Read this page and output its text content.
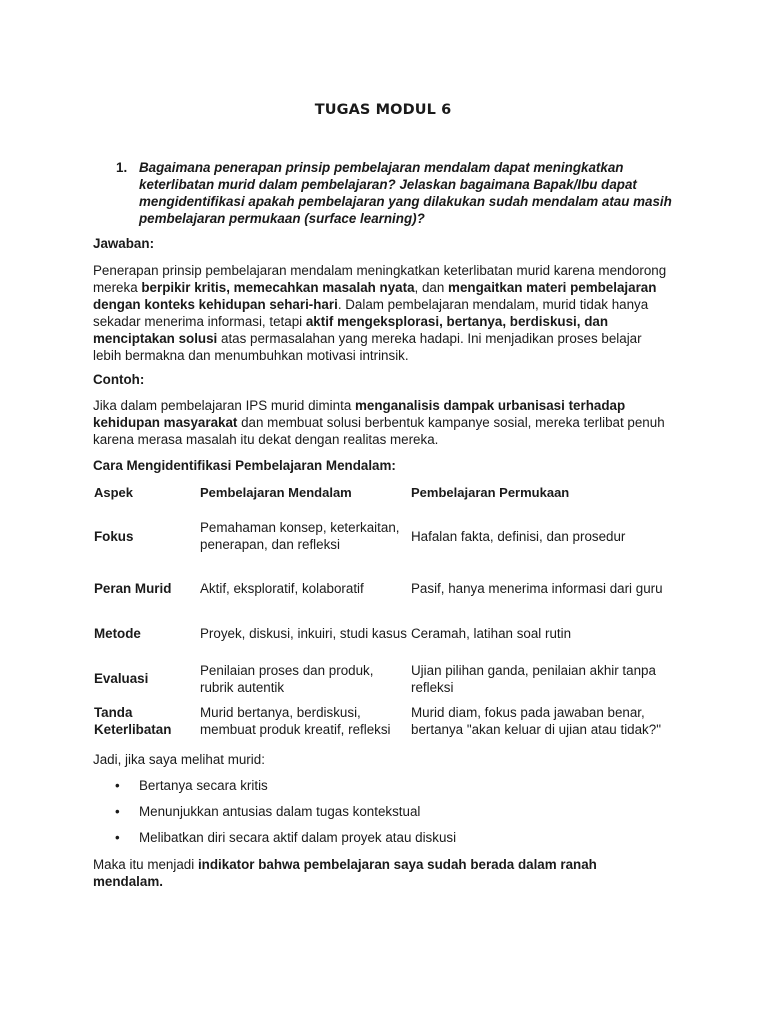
TUGAS MODUL 6
1. Bagaimana penerapan prinsip pembelajaran mendalam dapat meningkatkan keterlibatan murid dalam pembelajaran? Jelaskan bagaimana Bapak/Ibu dapat mengidentifikasi apakah pembelajaran yang dilakukan sudah mendalam atau masih pembelajaran permukaan (surface learning)?
Jawaban:
Penerapan prinsip pembelajaran mendalam meningkatkan keterlibatan murid karena mendorong mereka berpikir kritis, memecahkan masalah nyata, dan mengaitkan materi pembelajaran dengan konteks kehidupan sehari-hari. Dalam pembelajaran mendalam, murid tidak hanya sekadar menerima informasi, tetapi aktif mengeksplorasi, bertanya, berdiskusi, dan menciptakan solusi atas permasalahan yang mereka hadapi. Ini menjadikan proses belajar lebih bermakna dan menumbuhkan motivasi intrinsik.
Contoh:
Jika dalam pembelajaran IPS murid diminta menganalisis dampak urbanisasi terhadap kehidupan masyarakat dan membuat solusi berbentuk kampanye sosial, mereka terlibat penuh karena merasa masalah itu dekat dengan realitas mereka.
Cara Mengidentifikasi Pembelajaran Mendalam:
Aspek	Pembelajaran Mendalam	Pembelajaran Permukaan
Fokus	Pemahaman konsep, keterkaitan, penerapan, dan refleksi	Hafalan fakta, definisi, dan prosedur
Peran Murid	Aktif, eksploratif, kolaboratif	Pasif, hanya menerima informasi dari guru
Metode	Proyek, diskusi, inkuiri, studi kasus	Ceramah, latihan soal rutin
Evaluasi	Penilaian proses dan produk, rubrik autentik	Ujian pilihan ganda, penilaian akhir tanpa refleksi
Tanda Keterlibatan	Murid bertanya, berdiskusi, membuat produk kreatif, refleksi	Murid diam, fokus pada jawaban benar, bertanya "akan keluar di ujian atau tidak?"
Jadi, jika saya melihat murid:
• Bertanya secara kritis
• Menunjukkan antusias dalam tugas kontekstual
• Melibatkan diri secara aktif dalam proyek atau diskusi
Maka itu menjadi indikator bahwa pembelajaran saya sudah berada dalam ranah mendalam.
